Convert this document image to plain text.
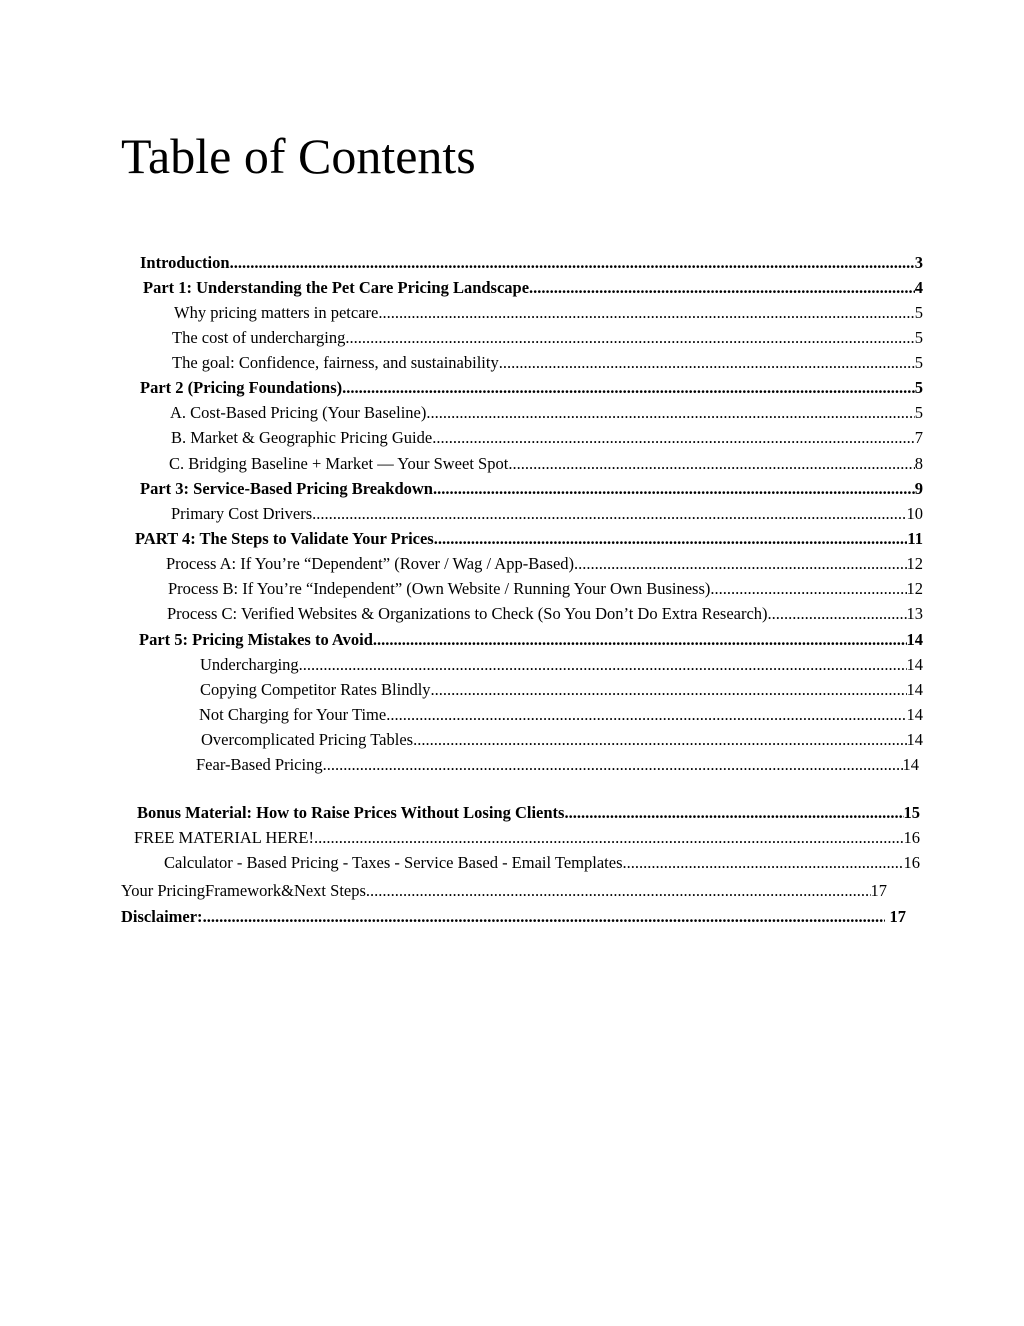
Table of Contents
Introduction .....	3
Part 1: Understanding the Pet Care Pricing Landscape .....	4
Why pricing matters in petcare .....	5
The cost of undercharging .....	5
The goal: Confidence, fairness, and sustainability .....	5
Part 2 (Pricing Foundations) .....	5
A. Cost-Based Pricing (Your Baseline) .....	5
B. Market & Geographic Pricing Guide .....	7
C. Bridging Baseline + Market — Your Sweet Spot .....	8
Part 3: Service-Based Pricing Breakdown .....	9
Primary Cost Drivers .....	10
PART 4: The Steps to Validate Your Prices .....	11
Process A: If You’re “Dependent” (Rover / Wag / App-Based) .....	12
Process B: If You’re “Independent” (Own Website / Running Your Own Business) .....	12
Process C: Verified Websites & Organizations to Check (So You Don’t Do Extra Research) .....	13
Part 5: Pricing Mistakes to Avoid .....	14
Undercharging .....	14
Copying Competitor Rates Blindly .....	14
Not Charging for Your Time .....	14
Overcomplicated Pricing Tables .....	14
Fear-Based Pricing .....	14
Bonus Material: How to Raise Prices Without Losing Clients .....	15
FREE MATERIAL HERE! .....	16
Calculator - Based Pricing - Taxes - Service Based - Email Templates .....	16
Your PricingFramework&Next Steps .....	17
Disclaimer: .....	17
